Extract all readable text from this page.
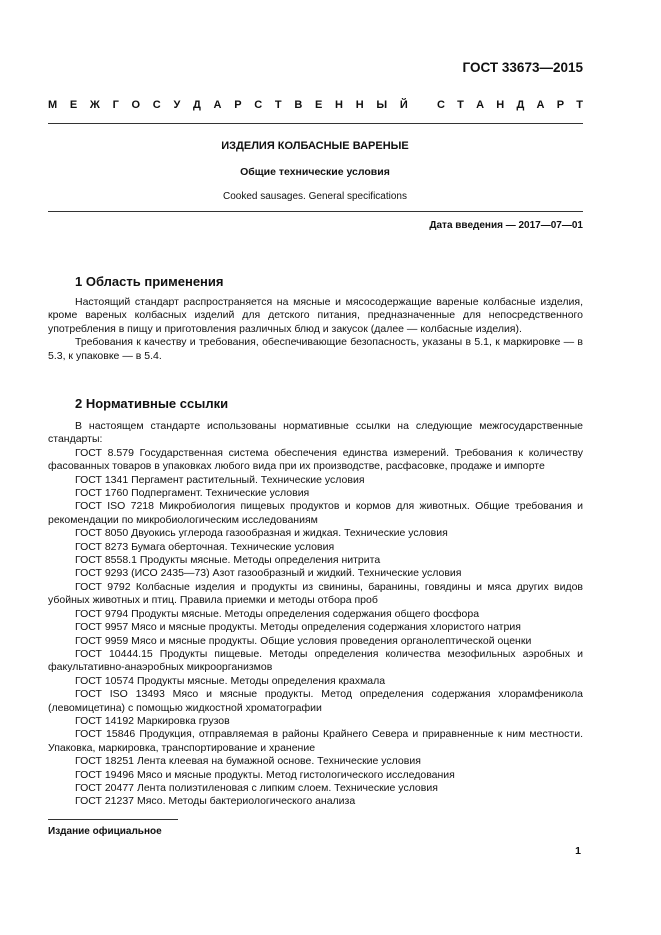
ГОСТ 33673—2015
М Е Ж Г О С У Д А Р С Т В Е Н Н Ы Й	С Т А Н Д А Р Т
ИЗДЕЛИЯ КОЛБАСНЫЕ ВАРЕНЫЕ
Общие технические условия
Cooked sausages. General specifications
Дата введения — 2017—07—01
1 Область применения

Настоящий стандарт распространяется на мясные и мясосодержащие вареные колбасные изделия, кроме вареных колбасных изделий для детского питания, предназначенные для непосредственного употребления в пищу и приготовления различных блюд и закусок (далее — колбасные изделия).

Требования к качеству и требования, обеспечивающие безопасность, указаны в 5.1, к маркировке — в 5.3, к упаковке — в 5.4.

2 Нормативные ссылки

В настоящем стандарте использованы нормативные ссылки на следующие межгосударственные стандарты:

ГОСТ 8.579 Государственная система обеспечения единства измерений. Требования к количеству фасованных товаров в упаковках любого вида при их производстве, расфасовке, продаже и импорте

ГОСТ 1341 Пергамент растительный. Технические условия

ГОСТ 1760 Подпергамент. Технические условия

ГОСТ ISO 7218 Микробиология пищевых продуктов и кормов для животных. Общие требования и рекомендации по микробиологическим исследованиям

ГОСТ 8050 Двуокись углерода газообразная и жидкая. Технические условия

ГОСТ 8273 Бумага оберточная. Технические условия

ГОСТ 8558.1 Продукты мясные. Методы определения нитрита

ГОСТ 9293 (ИСО 2435—73) Азот газообразный и жидкий. Технические условия

ГОСТ 9792 Колбасные изделия и продукты из свинины, баранины, говядины и мяса других видов убойных животных и птиц. Правила приемки и методы отбора проб

ГОСТ 9794 Продукты мясные. Методы определения содержания общего фосфора

ГОСТ 9957 Мясо и мясные продукты. Методы определения содержания хлористого натрия

ГОСТ 9959 Мясо и мясные продукты. Общие условия проведения органолептической оценки

ГОСТ 10444.15 Продукты пищевые. Методы определения количества мезофильных аэробных и факультативно-анаэробных микроорганизмов

ГОСТ 10574 Продукты мясные. Методы определения крахмала

ГОСТ ISO 13493 Мясо и мясные продукты. Метод определения содержания хлорамфеникола (левомицетина) с помощью жидкостной хроматографии

ГОСТ 14192 Маркировка грузов

ГОСТ 15846 Продукция, отправляемая в районы Крайнего Севера и приравненные к ним местности. Упаковка, маркировка, транспортирование и хранение

ГОСТ 18251 Лента клеевая на бумажной основе. Технические условия

ГОСТ 19496 Мясо и мясные продукты. Метод гистологического исследования

ГОСТ 20477 Лента полиэтиленовая с липким слоем. Технические условия

ГОСТ 21237 Мясо. Методы бактериологического анализа

Издание официальное
1
